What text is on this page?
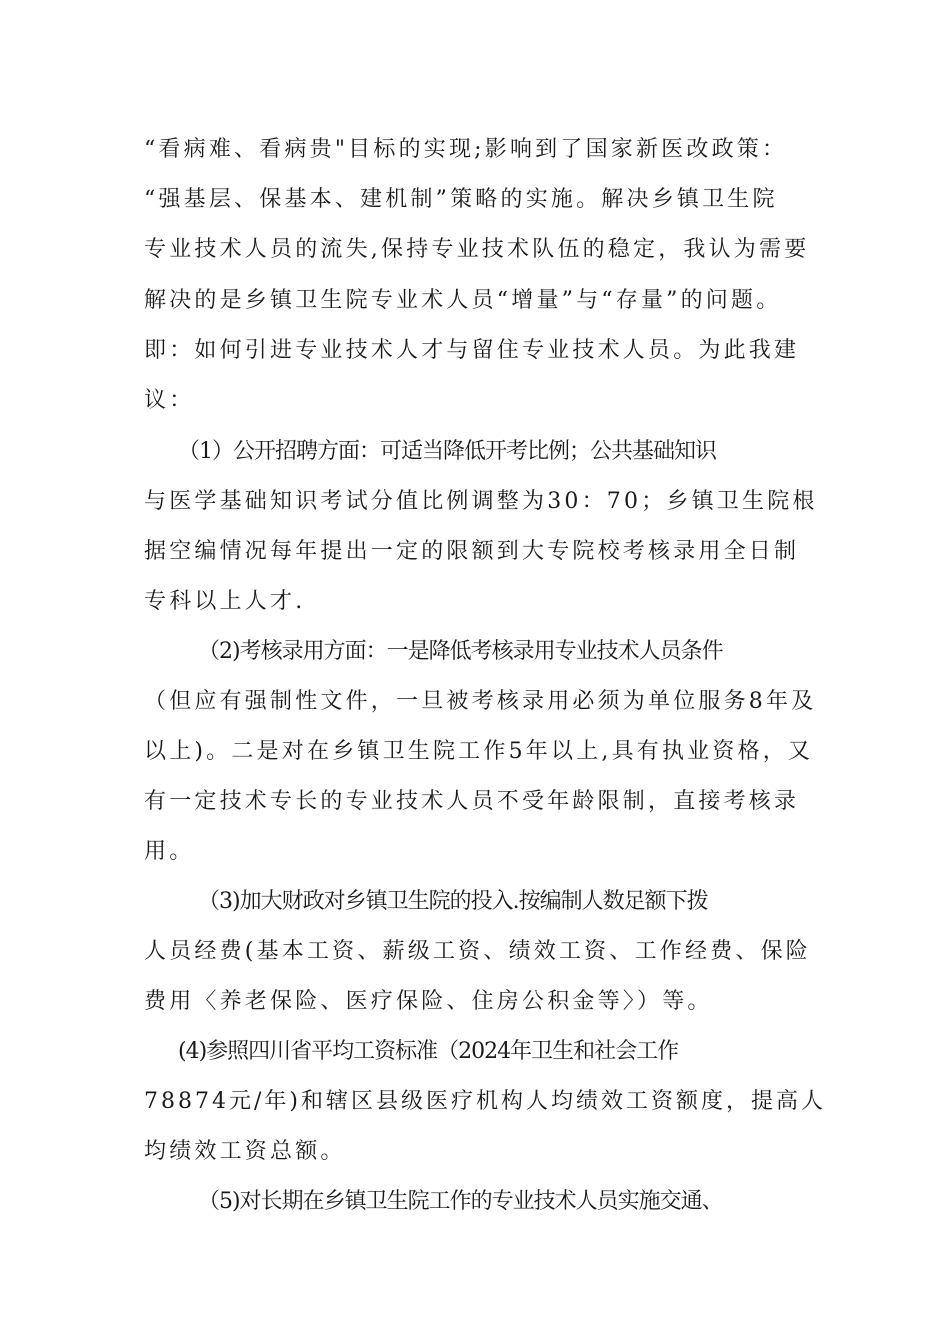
“看病难、看病贵"目标的实现;影响到了国家新医改政策：
“强基层、保基本、建机制”策略的实施。解决乡镇卫生院
专业技术人员的流失,保持专业技术队伍的稳定，我认为需要
解决的是乡镇卫生院专业术人员“增量”与“存量”的问题。
即：如何引进专业技术人才与留住专业技术人员。为此我建
议：
（1）公开招聘方面：可适当降低开考比例；公共基础知识
与医学基础知识考试分值比例调整为30：70；乡镇卫生院根
据空编情况每年提出一定的限额到大专院校考核录用全日制
专科以上人才.
（2)考核录用方面：一是降低考核录用专业技术人员条件
（但应有强制性文件，一旦被考核录用必须为单位服务8年及
以上)。二是对在乡镇卫生院工作5年以上,具有执业资格，又
有一定技术专长的专业技术人员不受年龄限制，直接考核录
用。
（3)加大财政对乡镇卫生院的投入.按编制人数足额下拨
人员经费(基本工资、薪级工资、绩效工资、工作经费、保险
费用〈养老保险、医疗保险、住房公积金等〉）等。
(4)参照四川省平均工资标准（2024年卫生和社会工作
78874元/年)和辖区县级医疗机构人均绩效工资额度，提高人
均绩效工资总额。
（5)对长期在乡镇卫生院工作的专业技术人员实施交通、
